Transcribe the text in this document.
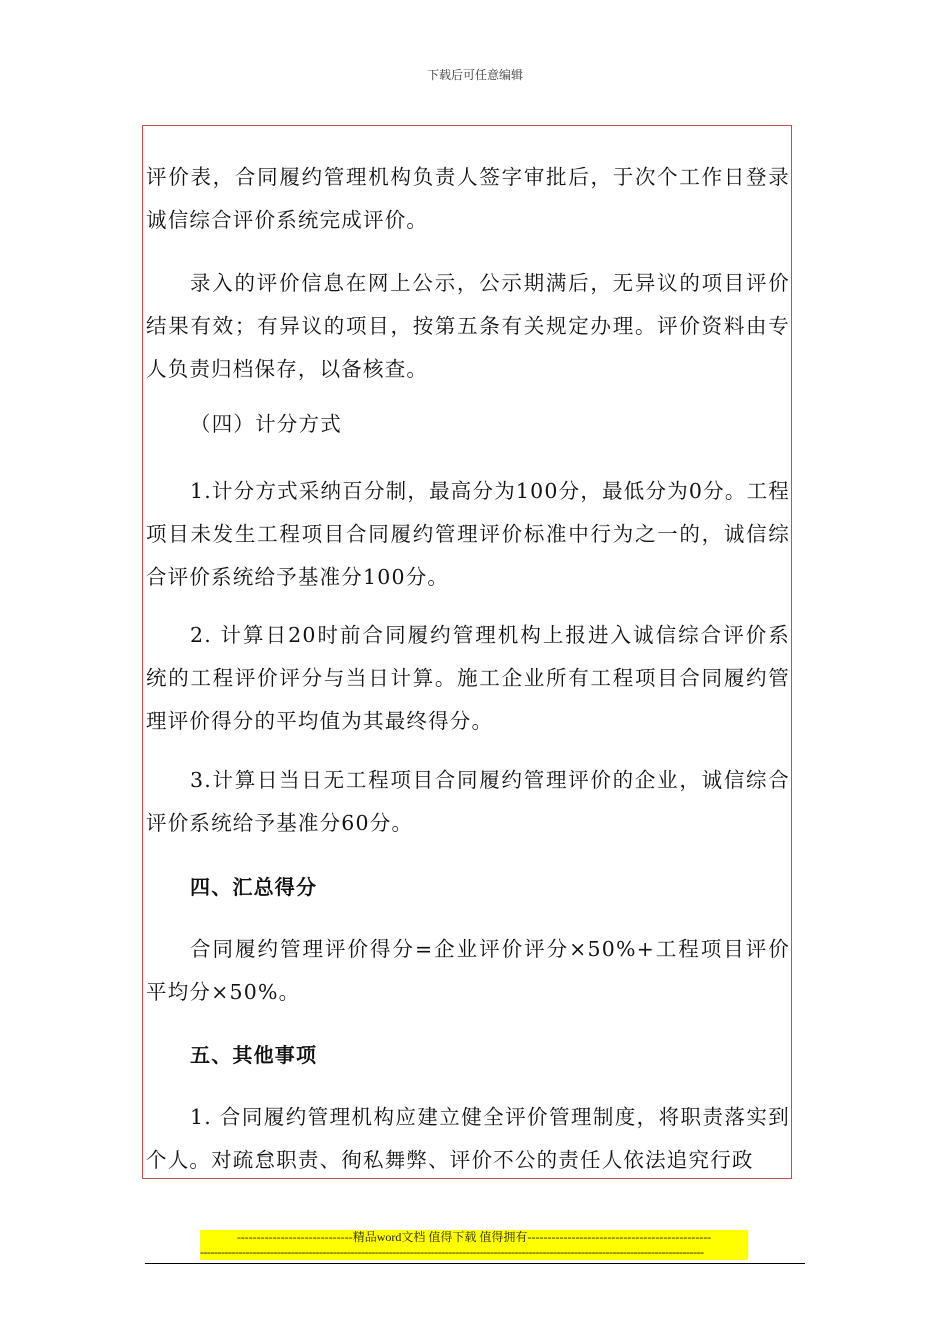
下载后可任意编辑

评价表，合同履约管理机构负责人签字审批后，于次个工作日登录诚信综合评价系统完成评价。

录入的评价信息在网上公示，公示期满后，无异议的项目评价结果有效；有异议的项目，按第五条有关规定办理。评价资料由专人负责归档保存，以备核查。

（四）计分方式

1.计分方式采纳百分制，最高分为100分，最低分为0分。工程项目未发生工程项目合同履约管理评价标准中行为之一的，诚信综合评价系统给予基准分100分。

2. 计算日20时前合同履约管理机构上报进入诚信综合评价系统的工程评价评分与当日计算。施工企业所有工程项目合同履约管理评价得分的平均值为其最终得分。

3.计算日当日无工程项目合同履约管理评价的企业，诚信综合评价系统给予基准分60分。

四、汇总得分

合同履约管理评价得分=企业评价评分×50%+工程项目评价平均分×50%。

五、其他事项

1. 合同履约管理机构应建立健全评价管理制度，将职责落实到个人。对疏怠职责、徇私舞弊、评价不公的责任人依法追究行政

-----------------------------精品word文档 值得下载 值得拥有----------------------------------------------
------------------------------------------------------------------------------------------------------------------------------------------------
